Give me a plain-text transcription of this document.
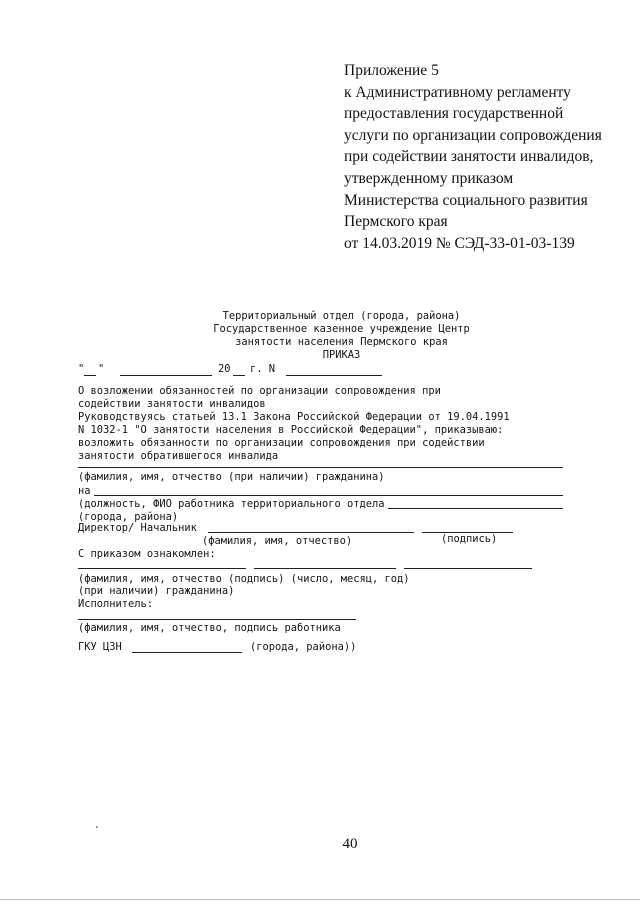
Приложение 5
к Административному регламенту
предоставления государственной
услуги по организации сопровождения
при содействии занятости инвалидов,
утвержденному приказом
Министерства социального развития
Пермского края
от 14.03.2019 № СЭД-33-01-03-139
Территориальный отдел (города, района)
Государственное казенное учреждение Центр
занятости населения Пермского края
ПРИКАЗ
" "	20 г. N
О возложении обязанностей по организации сопровождения при
содействии занятости инвалидов
Руководствуясь статьей 13.1 Закона Российской Федерации от 19.04.1991
N 1032-1 "О занятости населения в Российской Федерации", приказываю:
возложить обязанности по организации сопровождения при содействии
занятости обратившегося инвалида
(фамилия, имя, отчество (при наличии) гражданина)
на
(должность, ФИО работника территориального отдела
(города, района)
Директор/ Начальник
(фамилия, имя, отчество)	(подпись)
С приказом ознакомлен:
(фамилия, имя, отчество (подпись) (число, месяц, год)
(при наличии) гражданина)
Исполнитель:
(фамилия, имя, отчество, подпись работника
ГКУ ЦЗН	(города, района))
40
